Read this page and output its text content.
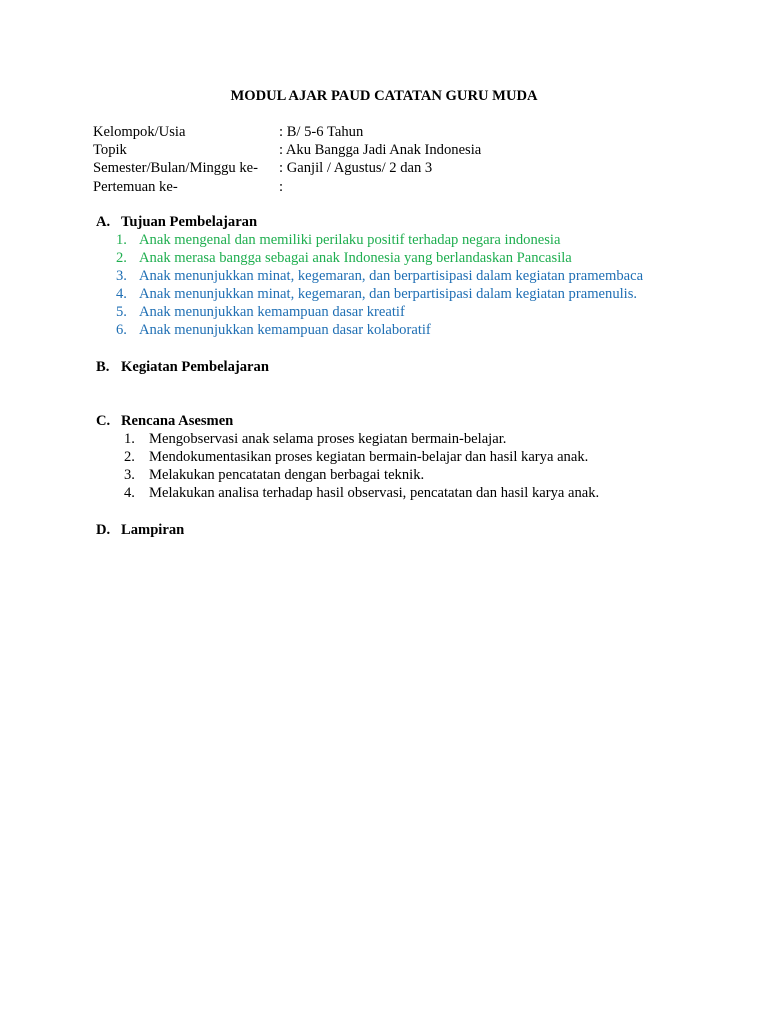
MODUL AJAR PAUD CATATAN GURU MUDA
Kelompok/Usia	: B/ 5-6 Tahun
Topik	: Aku Bangga Jadi Anak Indonesia
Semester/Bulan/Minggu ke-	: Ganjil / Agustus/ 2 dan 3
Pertemuan ke-	:
A. Tujuan Pembelajaran
1. Anak mengenal dan memiliki perilaku positif terhadap negara indonesia
2. Anak merasa bangga sebagai anak Indonesia yang berlandaskan Pancasila
3. Anak menunjukkan minat, kegemaran, dan berpartisipasi dalam kegiatan pramembaca
4. Anak menunjukkan minat, kegemaran, dan berpartisipasi dalam kegiatan pramenulis.
5. Anak menunjukkan kemampuan dasar kreatif
6. Anak menunjukkan kemampuan dasar kolaboratif
B. Kegiatan Pembelajaran
C. Rencana Asesmen
1. Mengobservasi anak selama proses kegiatan bermain-belajar.
2. Mendokumentasikan proses kegiatan bermain-belajar dan hasil karya anak.
3. Melakukan pencatatan dengan berbagai teknik.
4. Melakukan analisa terhadap hasil observasi, pencatatan dan hasil karya anak.
D. Lampiran
